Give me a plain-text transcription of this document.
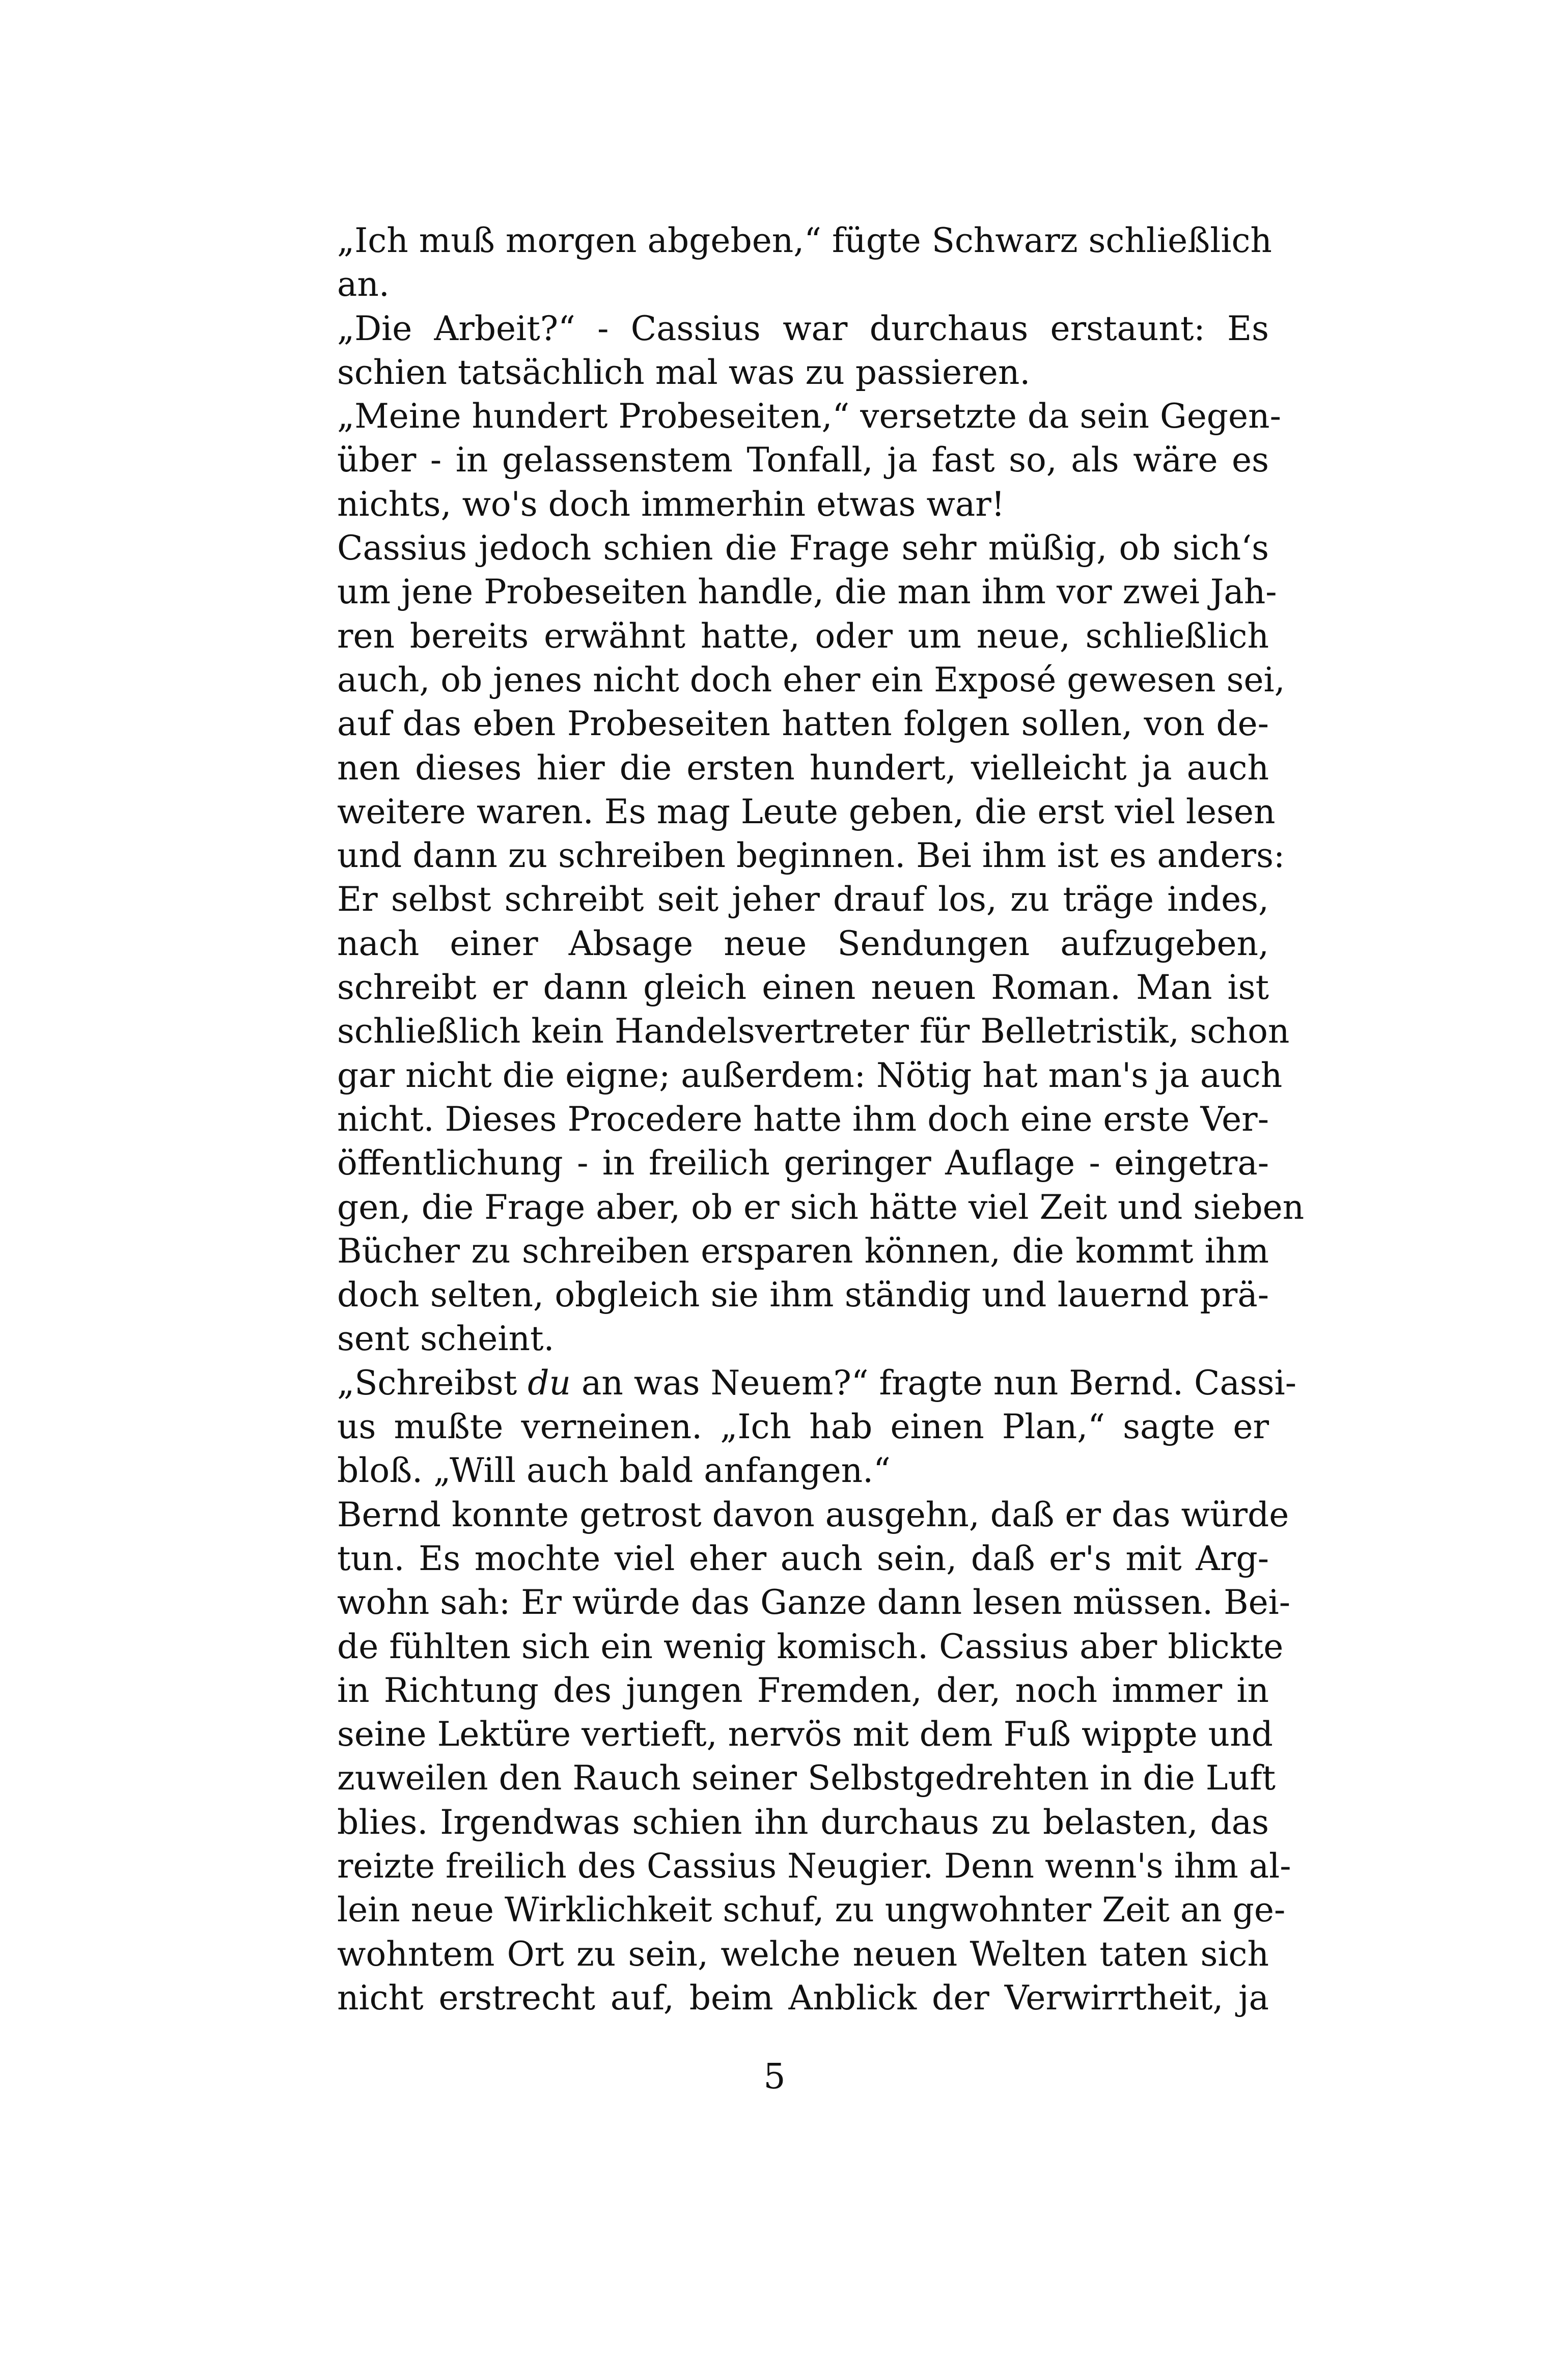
„Ich muß morgen abgeben,“ fügte Schwarz schließlich
an.
„Die Arbeit?“ - Cassius war durchaus erstaunt: Es
schien tatsächlich mal was zu passieren.
„Meine hundert Probeseiten,“ versetzte da sein Gegen-
über - in gelassenstem Tonfall, ja fast so, als wäre es
nichts, wo's doch immerhin etwas war!
Cassius jedoch schien die Frage sehr müßig, ob sich‘s
um jene Probeseiten handle, die man ihm vor zwei Jah-
ren bereits erwähnt hatte, oder um neue, schließlich
auch, ob jenes nicht doch eher ein Exposé gewesen sei,
auf das eben Probeseiten hatten folgen sollen, von de-
nen dieses hier die ersten hundert, vielleicht ja auch
weitere waren. Es mag Leute geben, die erst viel lesen
und dann zu schreiben beginnen. Bei ihm ist es anders:
Er selbst schreibt seit jeher drauf los, zu träge indes,
nach einer Absage neue Sendungen aufzugeben,
schreibt er dann gleich einen neuen Roman. Man ist
schließlich kein Handelsvertreter für Belletristik, schon
gar nicht die eigne; außerdem: Nötig hat man's ja auch
nicht. Dieses Procedere hatte ihm doch eine erste Ver-
öffentlichung - in freilich geringer Auflage - eingetra-
gen, die Frage aber, ob er sich hätte viel Zeit und sieben
Bücher zu schreiben ersparen können, die kommt ihm
doch selten, obgleich sie ihm ständig und lauernd prä-
sent scheint.
„Schreibst du an was Neuem?“ fragte nun Bernd. Cassi-
us mußte verneinen. „Ich hab einen Plan,“ sagte er
bloß. „Will auch bald anfangen.“
Bernd konnte getrost davon ausgehn, daß er das würde
tun. Es mochte viel eher auch sein, daß er's mit Arg-
wohn sah: Er würde das Ganze dann lesen müssen. Bei-
de fühlten sich ein wenig komisch. Cassius aber blickte
in Richtung des jungen Fremden, der, noch immer in
seine Lektüre vertieft, nervös mit dem Fuß wippte und
zuweilen den Rauch seiner Selbstgedrehten in die Luft
blies. Irgendwas schien ihn durchaus zu belasten, das
reizte freilich des Cassius Neugier. Denn wenn's ihm al-
lein neue Wirklichkeit schuf, zu ungwohnter Zeit an ge-
wohntem Ort zu sein, welche neuen Welten taten sich
nicht erstrecht auf, beim Anblick der Verwirrtheit, ja
5
